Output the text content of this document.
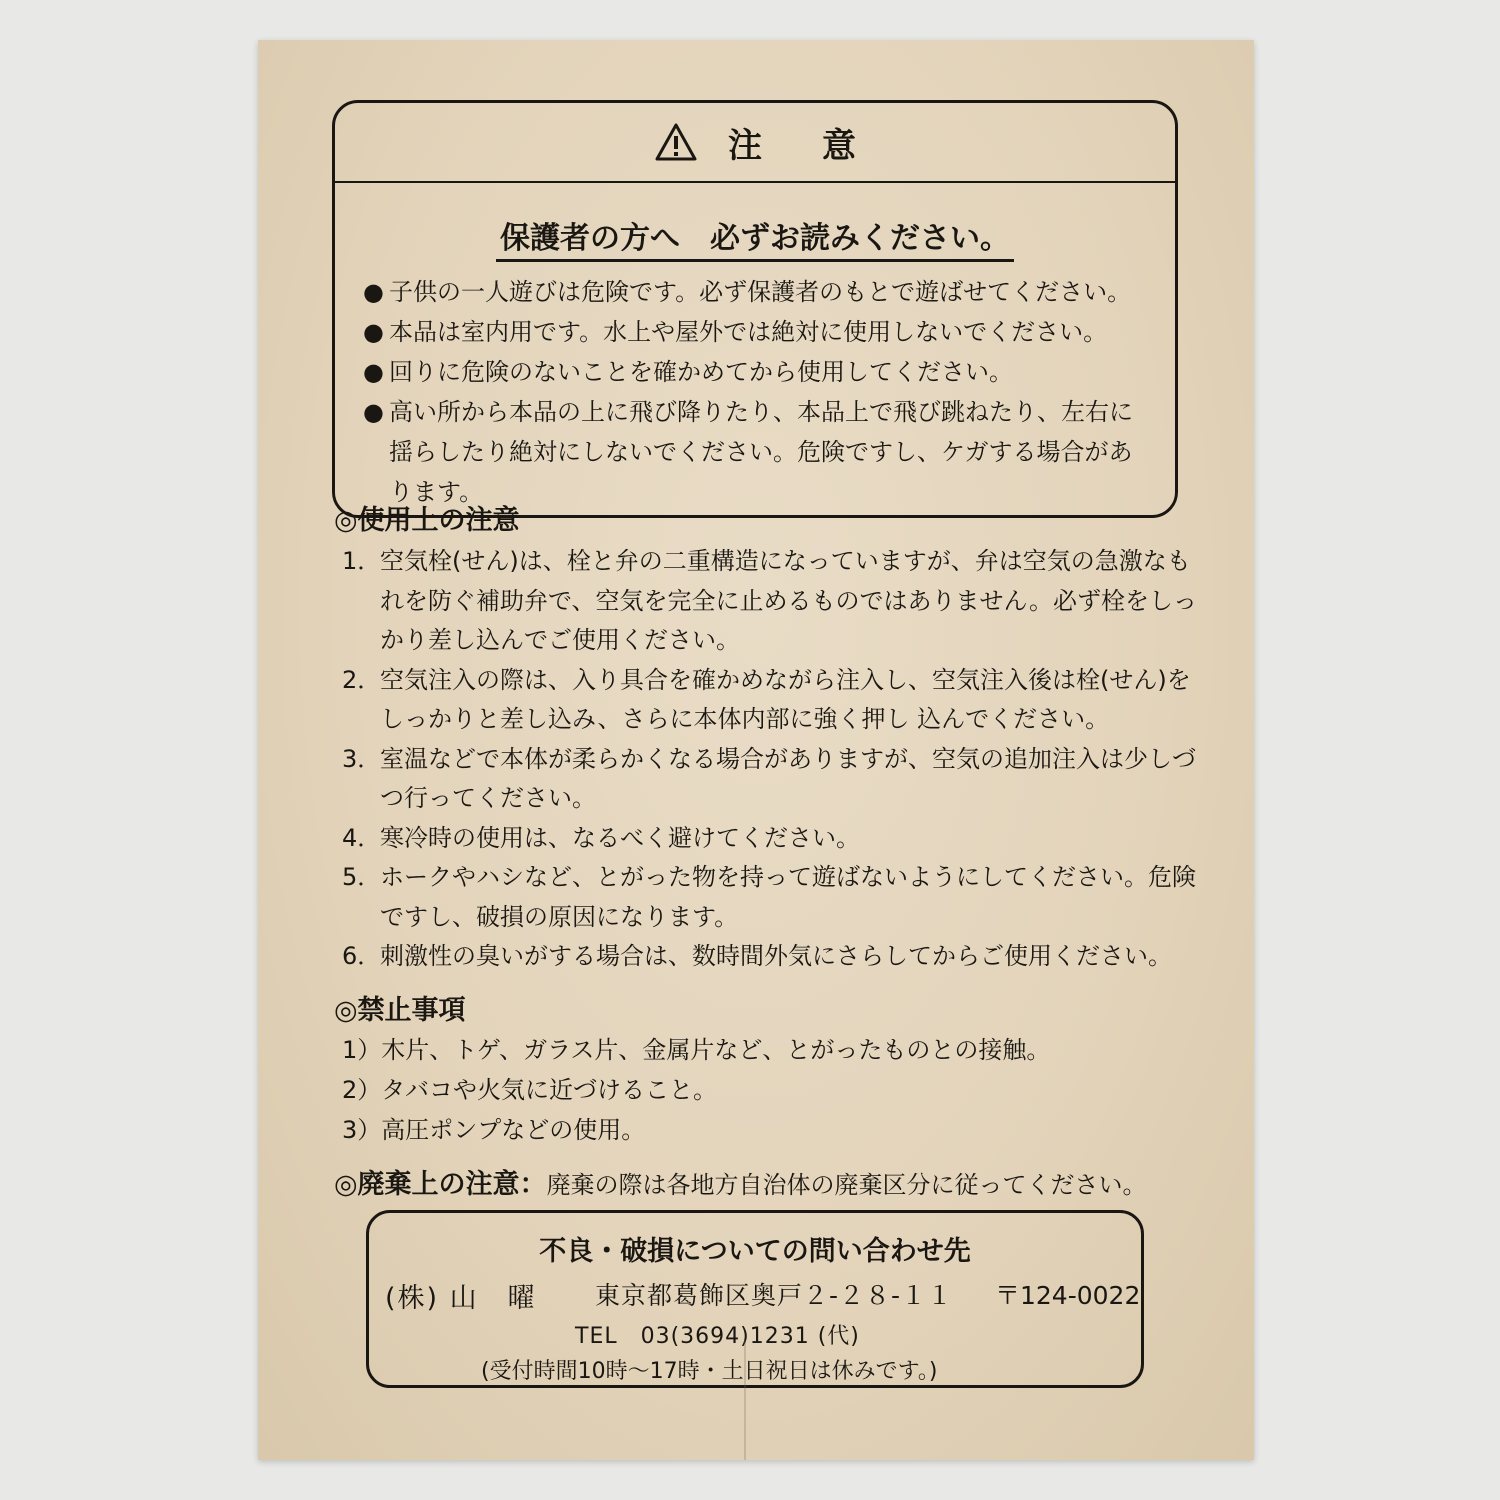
注 意
保護者の方へ　必ずお読みください。
● 子供の一人遊びは危険です。必ず保護者のもとで遊ばせてください。
● 本品は室内用です。水上や屋外では絶対に使用しないでください。
● 回りに危険のないことを確かめてから使用してください。
● 高い所から本品の上に飛び降りたり、本品上で飛び跳ねたり、左右に揺らしたり絶対にしないでください。危険ですし、ケガする場合があります。
◎使用上の注意
1．
空気栓(せん)は、栓と弁の二重構造になっていますが、弁は空気の急激なもれを防ぐ補助弁で、空気を完全に止めるものではありません。必ず栓をしっかり差し込んでご使用ください。
2．
空気注入の際は、入り具合を確かめながら注入し、空気注入後は栓(せん)をしっかりと差し込み、さらに本体内部に強く押し 込んでください。
3．
室温などで本体が柔らかくなる場合がありますが、空気の追加注入は少しづつ行ってください。
4．
寒冷時の使用は、なるべく避けてください。
5．
ホークやハシなど、とがった物を持って遊ばないようにしてください。危険ですし、破損の原因になります。
6．
刺激性の臭いがする場合は、数時間外気にさらしてからご使用ください。
◎禁止事項
1）木片、トゲ、ガラス片、金属片など、とがったものとの接触。
2）タバコや火気に近づけること。
3）高圧ポンプなどの使用。
◎廃棄上の注意：廃棄の際は各地方自治体の廃棄区分に従ってください。
不良・破損についての問い合わせ先
(株) 山　曜	東京都葛飾区奥戸２-２８-１１	〒124-0022
TEL　03(3694)1231 (代)
(受付時間10時～17時・土日祝日は休みです。)
